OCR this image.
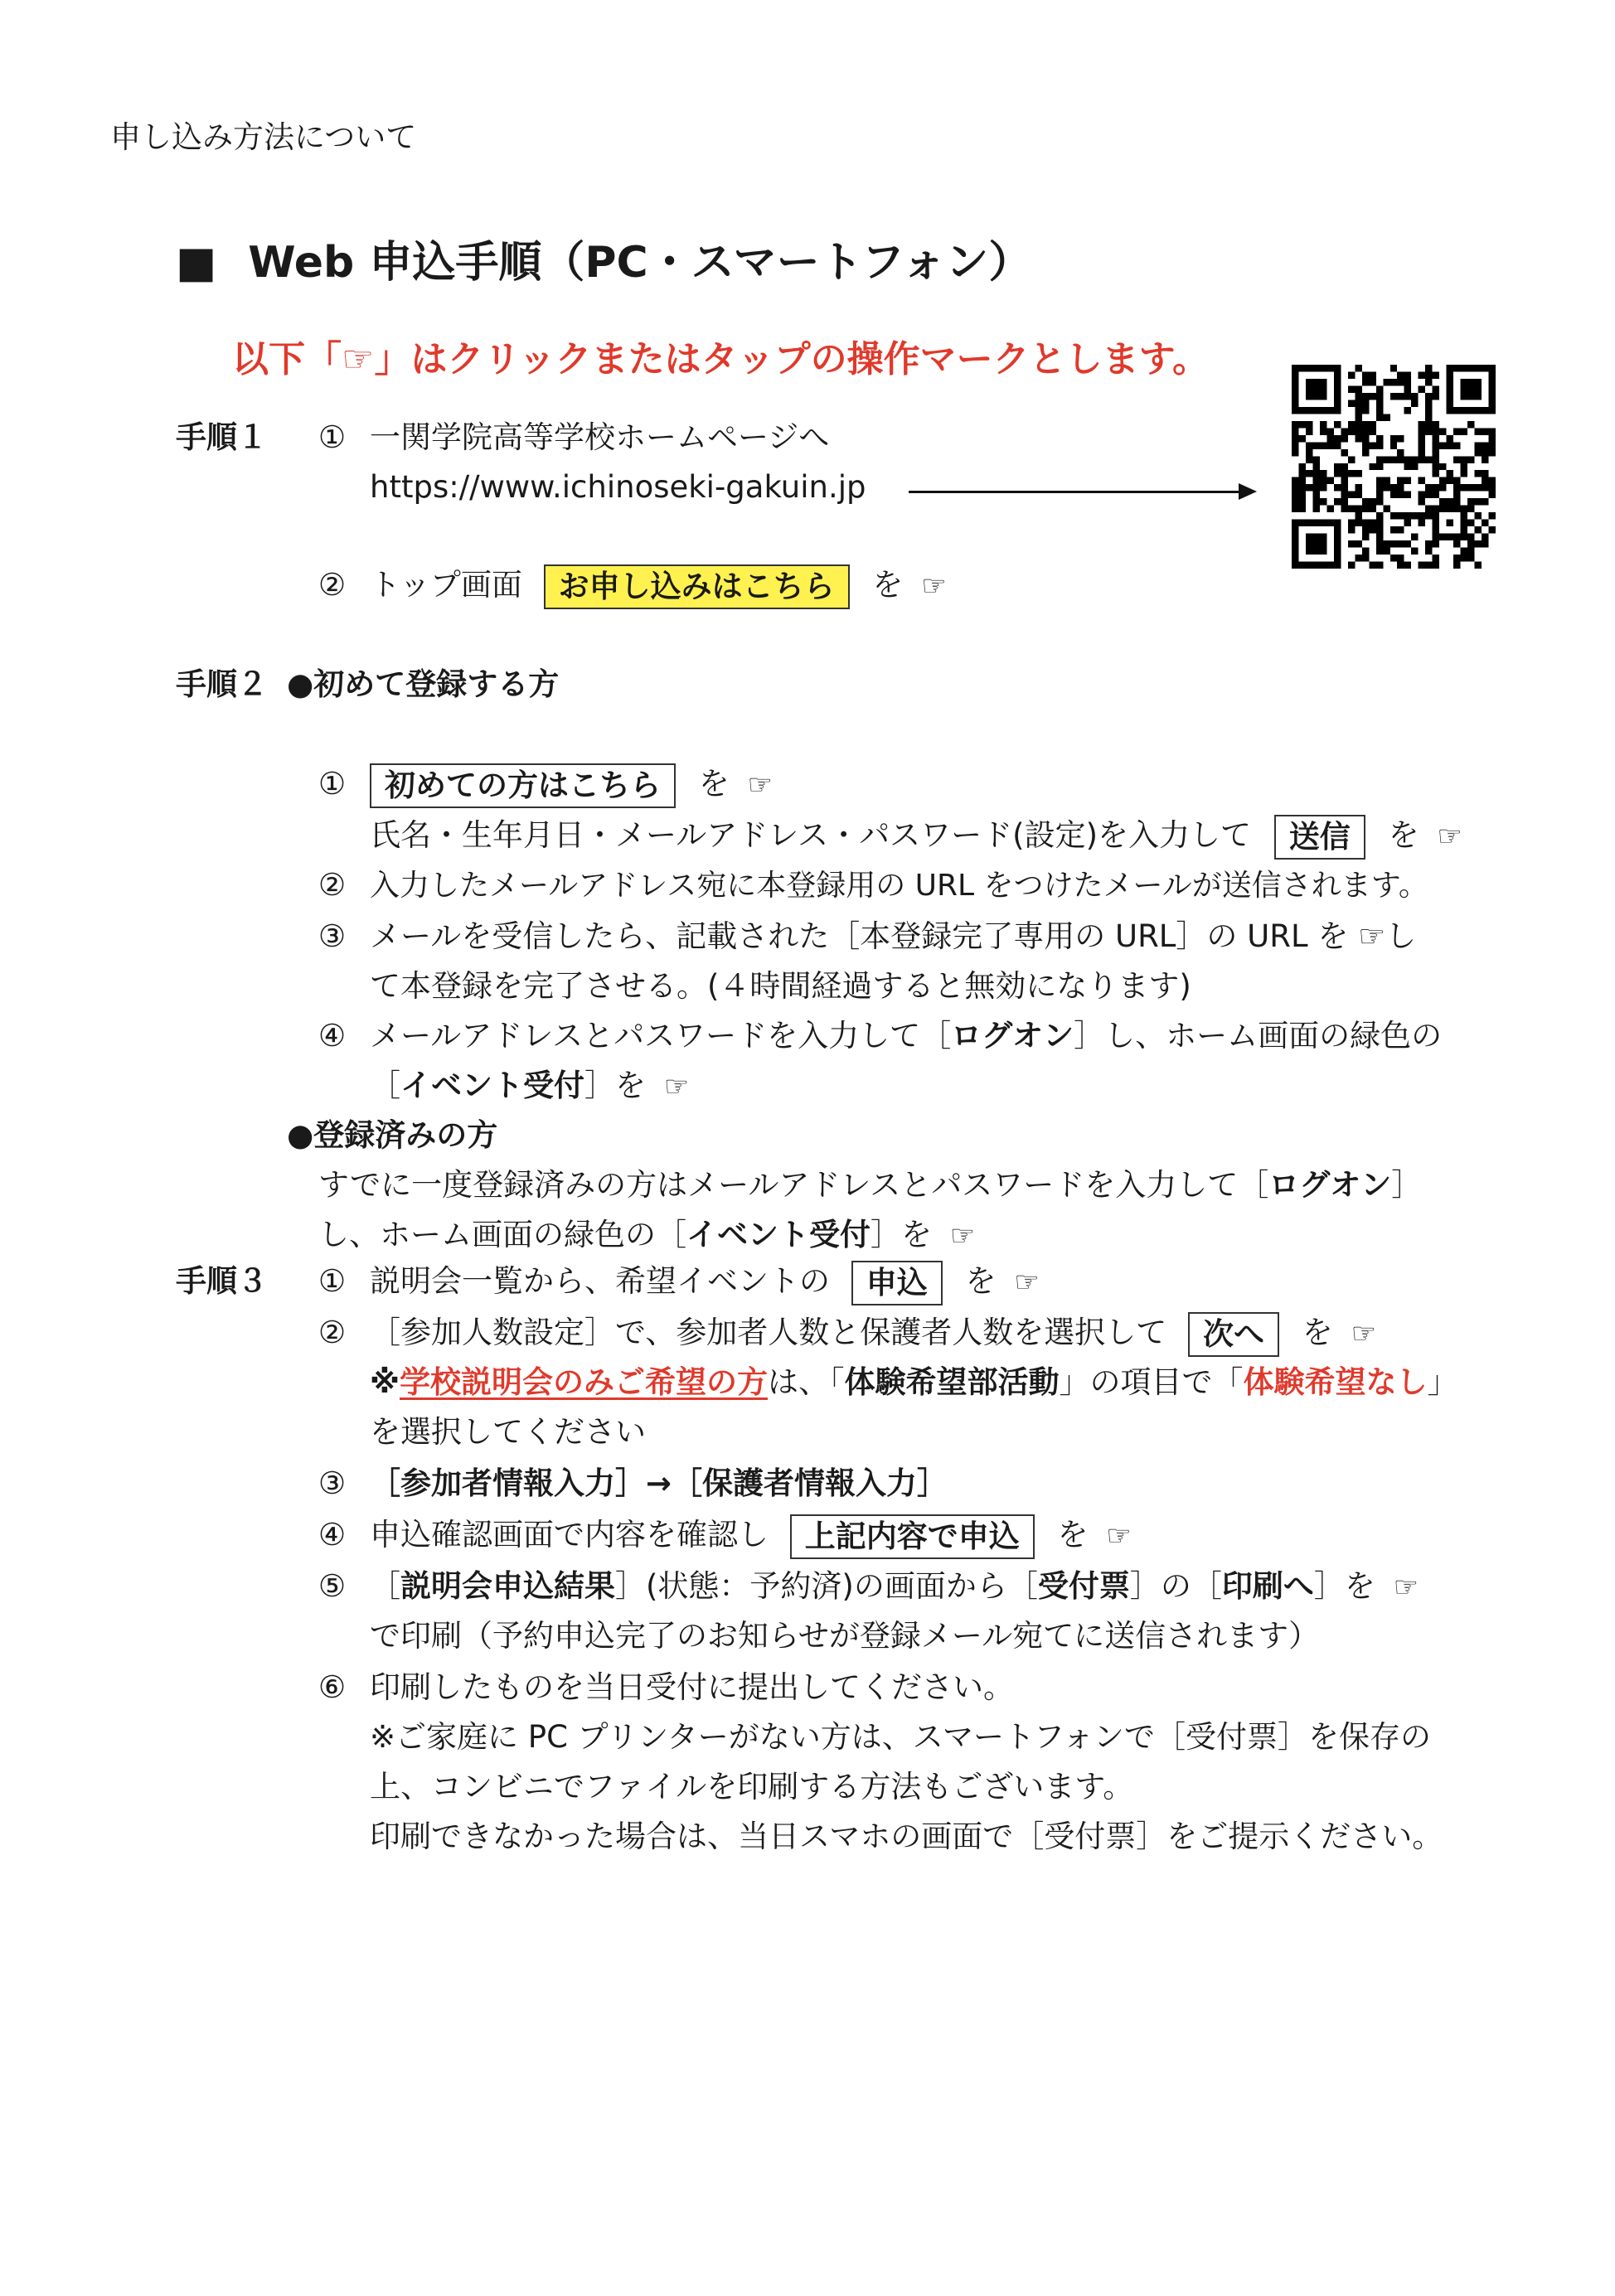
申し込み方法について
■ Web 申込手順（PC・スマートフォン）
以下「☞」はクリックまたはタップの操作マークとします。
手順１ ① 一関学院高等学校ホームページへ
https://www.ichinoseki-gakuin.jp
② トップ画面 お申し込みはこちら を ☞
手順２ ●初めて登録する方
① 初めての方はこちら を ☞
氏名・生年月日・メールアドレス・パスワード(設定)を入力して 送信 を ☞
② 入力したメールアドレス宛に本登録用の URL をつけたメールが送信されます。
③ メールを受信したら、記載された［本登録完了専用の URL］の URL を ☞し
て本登録を完了させる。(４時間経過すると無効になります)
④ メールアドレスとパスワードを入力して［ログオン］し、ホーム画面の緑色の
［イベント受付］を ☞
●登録済みの方
すでに一度登録済みの方はメールアドレスとパスワードを入力して［ログオン］
し、ホーム画面の緑色の［イベント受付］を ☞
手順３ ① 説明会一覧から、希望イベントの 申込 を ☞
② ［参加人数設定］で、参加者人数と保護者人数を選択して 次へ を ☞
※学校説明会のみご希望の方は、「体験希望部活動」の項目で「体験希望なし」
を選択してください
③ ［参加者情報入力］→［保護者情報入力］
④ 申込確認画面で内容を確認し 上記内容で申込 を ☞
⑤ ［説明会申込結果］(状態：予約済)の画面から［受付票］の［印刷へ］を ☞
で印刷（予約申込完了のお知らせが登録メール宛てに送信されます）
⑥ 印刷したものを当日受付に提出してください。
※ご家庭に PC プリンターがない方は、スマートフォンで［受付票］を保存の
上、コンビニでファイルを印刷する方法もございます。
印刷できなかった場合は、当日スマホの画面で［受付票］をご提示ください。
